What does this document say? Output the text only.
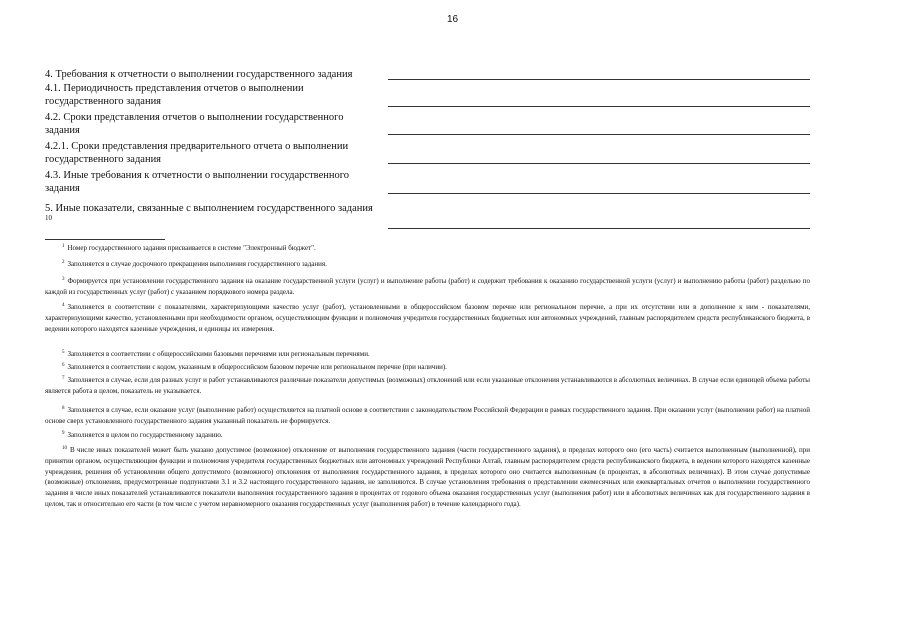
16
4. Требования к отчетности о выполнении государственного задания
4.1. Периодичность представления отчетов о выполнении государственного задания
4.2. Сроки представления отчетов о выполнении государственного задания
4.2.1. Сроки представления предварительного отчета о выполнении государственного задания
4.3. Иные требования к отчетности о выполнении государственного задания
5. Иные показатели, связанные с выполнением государственного задания $^{10}$
$^1$ Номер государственного задания присваивается в системе "Электронный бюджет".
$^2$ Заполняется в случае досрочного прекращения выполнения государственного задания.
$^3$ Формируется при установлении государственного задания на оказание государственной услуги (услуг) и выполнение работы (работ) и содержит требования к оказанию государственной услуги (услуг) и выполнению работы (работ) раздельно по каждой из государственных услуг (работ) с указанием порядкового номера раздела.
$^4$ Заполняется в соответствии с показателями, характеризующими качество услуг (работ), установленными в общероссийском базовом перечне или региональном перечне, а при их отсутствии или в дополнение к ним - показателями, характеризующими качество, установленными при необходимости органом, осуществляющим функции и полномочия учредителя государственных бюджетных или автономных учреждений, главным распорядителем средств республиканского бюджета, в ведении которого находятся казенные учреждения, и единицы их измерения.
$^5$ Заполняется в соответствии с общероссийскими базовыми перечнями или региональным перечнями.
$^6$ Заполняется в соответствии с кодом, указанным в общероссийском базовом перечне или региональном перечне (при наличии).
$^7$ Заполняется в случае, если для разных услуг и работ устанавливаются различные показатели допустимых (возможных) отклонений или если указанные отклонения устанавливаются в абсолютных величинах. В случае если единицей объема работы является работа в целом, показатель не указывается.
$^8$ Заполняется в случае, если оказание услуг (выполнение работ) осуществляется на платной основе в соответствии с законодательством Российской Федерации в рамках государственного задания. При оказании услуг (выполнении работ) на платной основе сверх установленного государственного задания указанный показатель не формируется.
$^9$ Заполняется в целом по государственному заданию.
$^{10}$ В числе иных показателей может быть указано допустимое (возможное) отклонение от выполнения государственного задания (части государственного задания), в пределах которого оно (его часть) считается выполненным (выполненной), при принятии органом, осуществляющим функции и полномочия учредителя государственных бюджетных или автономных учреждений Республики Алтай, главным распорядителем средств республиканского бюджета, в ведении которого находятся казенные учреждения, решения об установлении общего допустимого (возможного) отклонения от выполнения государственного задания, в пределах которого оно считается выполненным (в процентах, в абсолютных величинах). В этом случае допустимые (возможные) отклонения, предусмотренные подпунктами 3.1 и 3.2 настоящего государственного задания, не заполняются. В случае установления требования о представлении ежемесячных или ежеквартальных отчетов о выполнении государственного задания в числе иных показателей устанавливаются показатели выполнения государственного задания в процентах от годового объема оказания государственных услуг (выполнения работ) или в абсолютных величинах как для государственного задания в целом, так и относительно его части (в том числе с учетом неравномерного оказания государственных услуг (выполнения работ) в течение календарного года).
